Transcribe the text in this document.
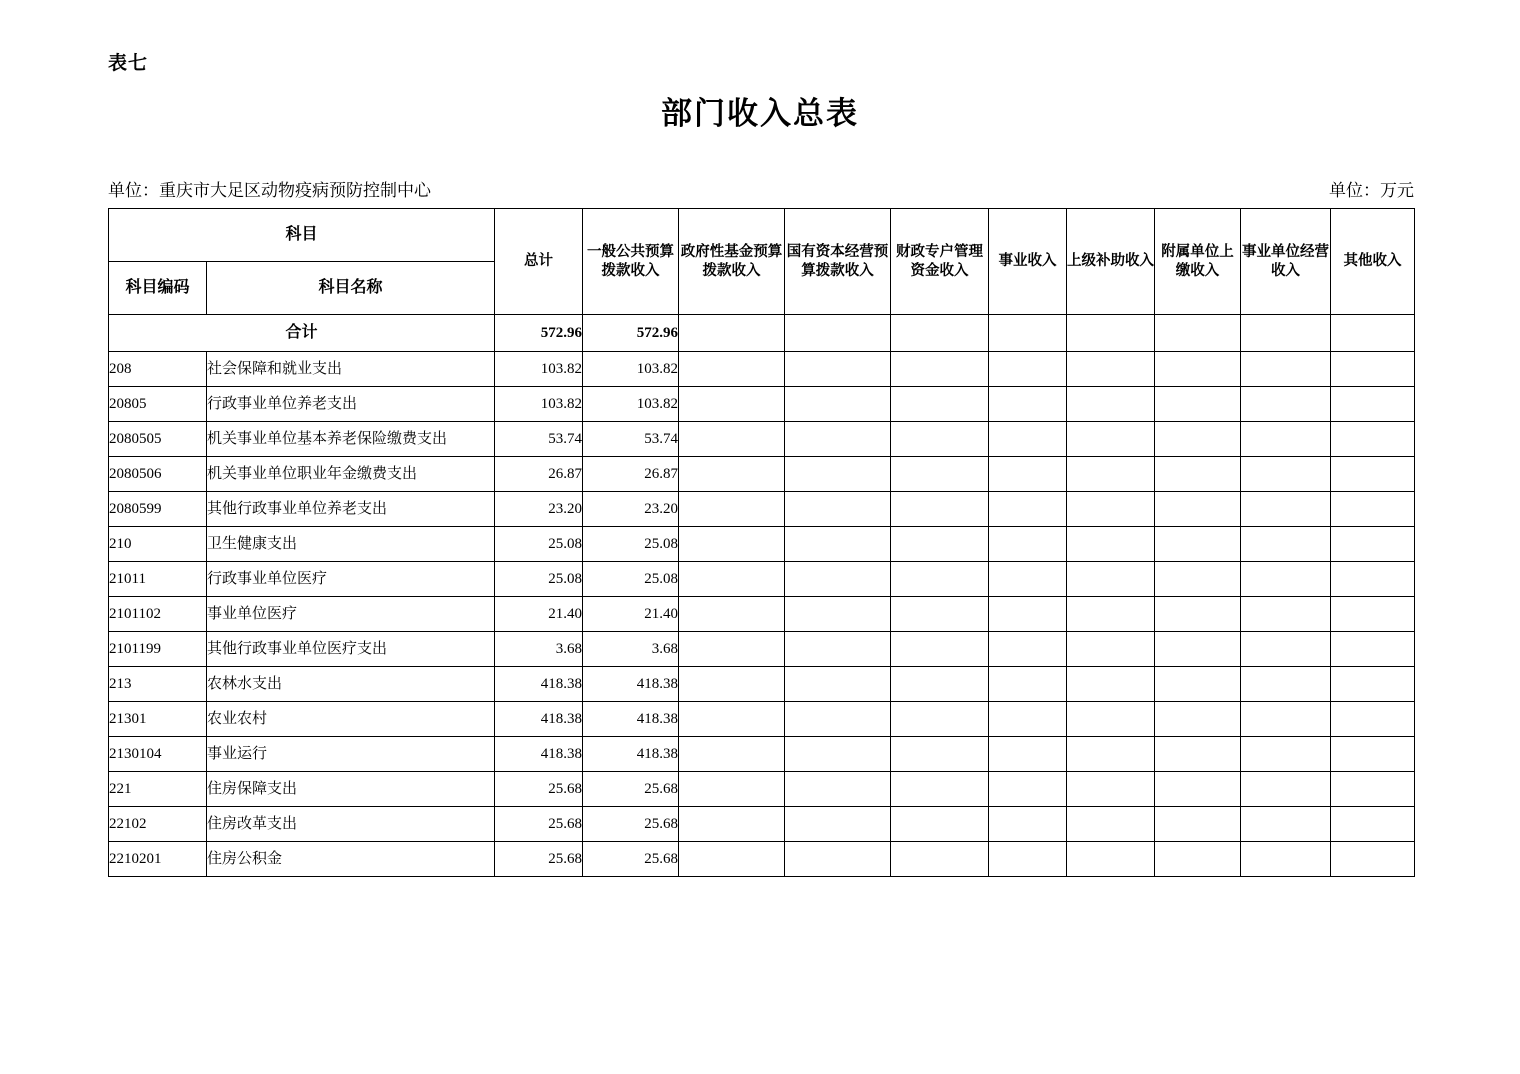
表七
部门收入总表
单位：重庆市大足区动物疫病预防控制中心	单位：万元
科目		总计	一般公共预算拨款收入	政府性基金预算拨款收入	国有资本经营预算拨款收入	财政专户管理资金收入	事业收入	上级补助收入	附属单位上缴收入	事业单位经营收入	其他收入
科目编码	科目名称										
合计		572.96	572.96								
208	社会保障和就业支出	103.82	103.82								
20805	行政事业单位养老支出	103.82	103.82								
2080505	机关事业单位基本养老保险缴费支出	53.74	53.74								
2080506	机关事业单位职业年金缴费支出	26.87	26.87								
2080599	其他行政事业单位养老支出	23.20	23.20								
210	卫生健康支出	25.08	25.08								
21011	行政事业单位医疗	25.08	25.08								
2101102	事业单位医疗	21.40	21.40								
2101199	其他行政事业单位医疗支出	3.68	3.68								
213	农林水支出	418.38	418.38								
21301	农业农村	418.38	418.38								
2130104	事业运行	418.38	418.38								
221	住房保障支出	25.68	25.68								
22102	住房改革支出	25.68	25.68								
2210201	住房公积金	25.68	25.68								
